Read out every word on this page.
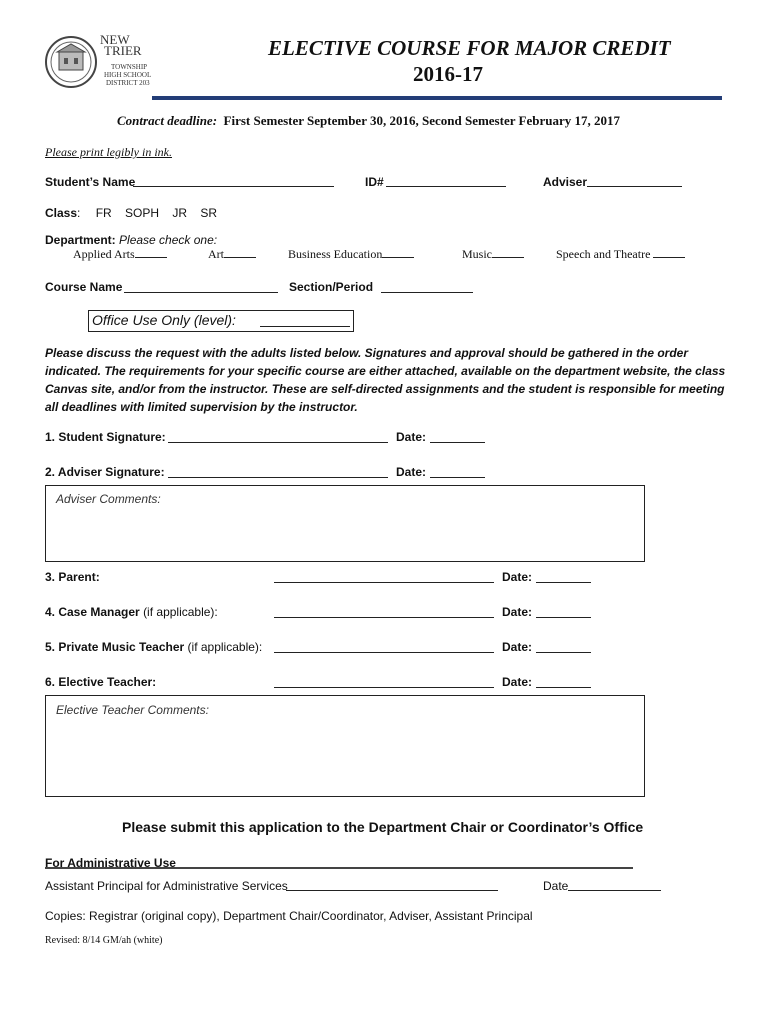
NEW
TRIER
TOWNSHIP
HIGH SCHOOL
DISTRICT 203
ELECTIVE COURSE FOR MAJOR CREDIT
2016-17
Contract deadline: First Semester September 30, 2016, Second Semester February 17, 2017
Please print legibly in ink.
Student’s Name	ID#	Adviser
Class: FR SOPH JR SR
Department: Please check one:
Applied Arts	Art	Business Education	Music	Speech and Theatre
Course Name	Section/Period
Office Use Only (level):
Please discuss the request with the adults listed below. Signatures and approval should be gathered in the order indicated. The requirements for your specific course are either attached, available on the department website, the class Canvas site, and/or from the instructor. These are self-directed assignments and the student is responsible for meeting all deadlines with limited supervision by the instructor.
1. Student Signature:	Date:
2. Adviser Signature:	Date:
Adviser Comments:
3. Parent:	Date:
4. Case Manager (if applicable):	Date:
5. Private Music Teacher (if applicable):	Date:
6. Elective Teacher:	Date:
Elective Teacher Comments:
Please submit this application to the Department Chair or Coordinator’s Office
For Administrative Use
Assistant Principal for Administrative Services	Date
Copies: Registrar (original copy), Department Chair/Coordinator, Adviser, Assistant Principal
Revised: 8/14 GM/ah (white)
